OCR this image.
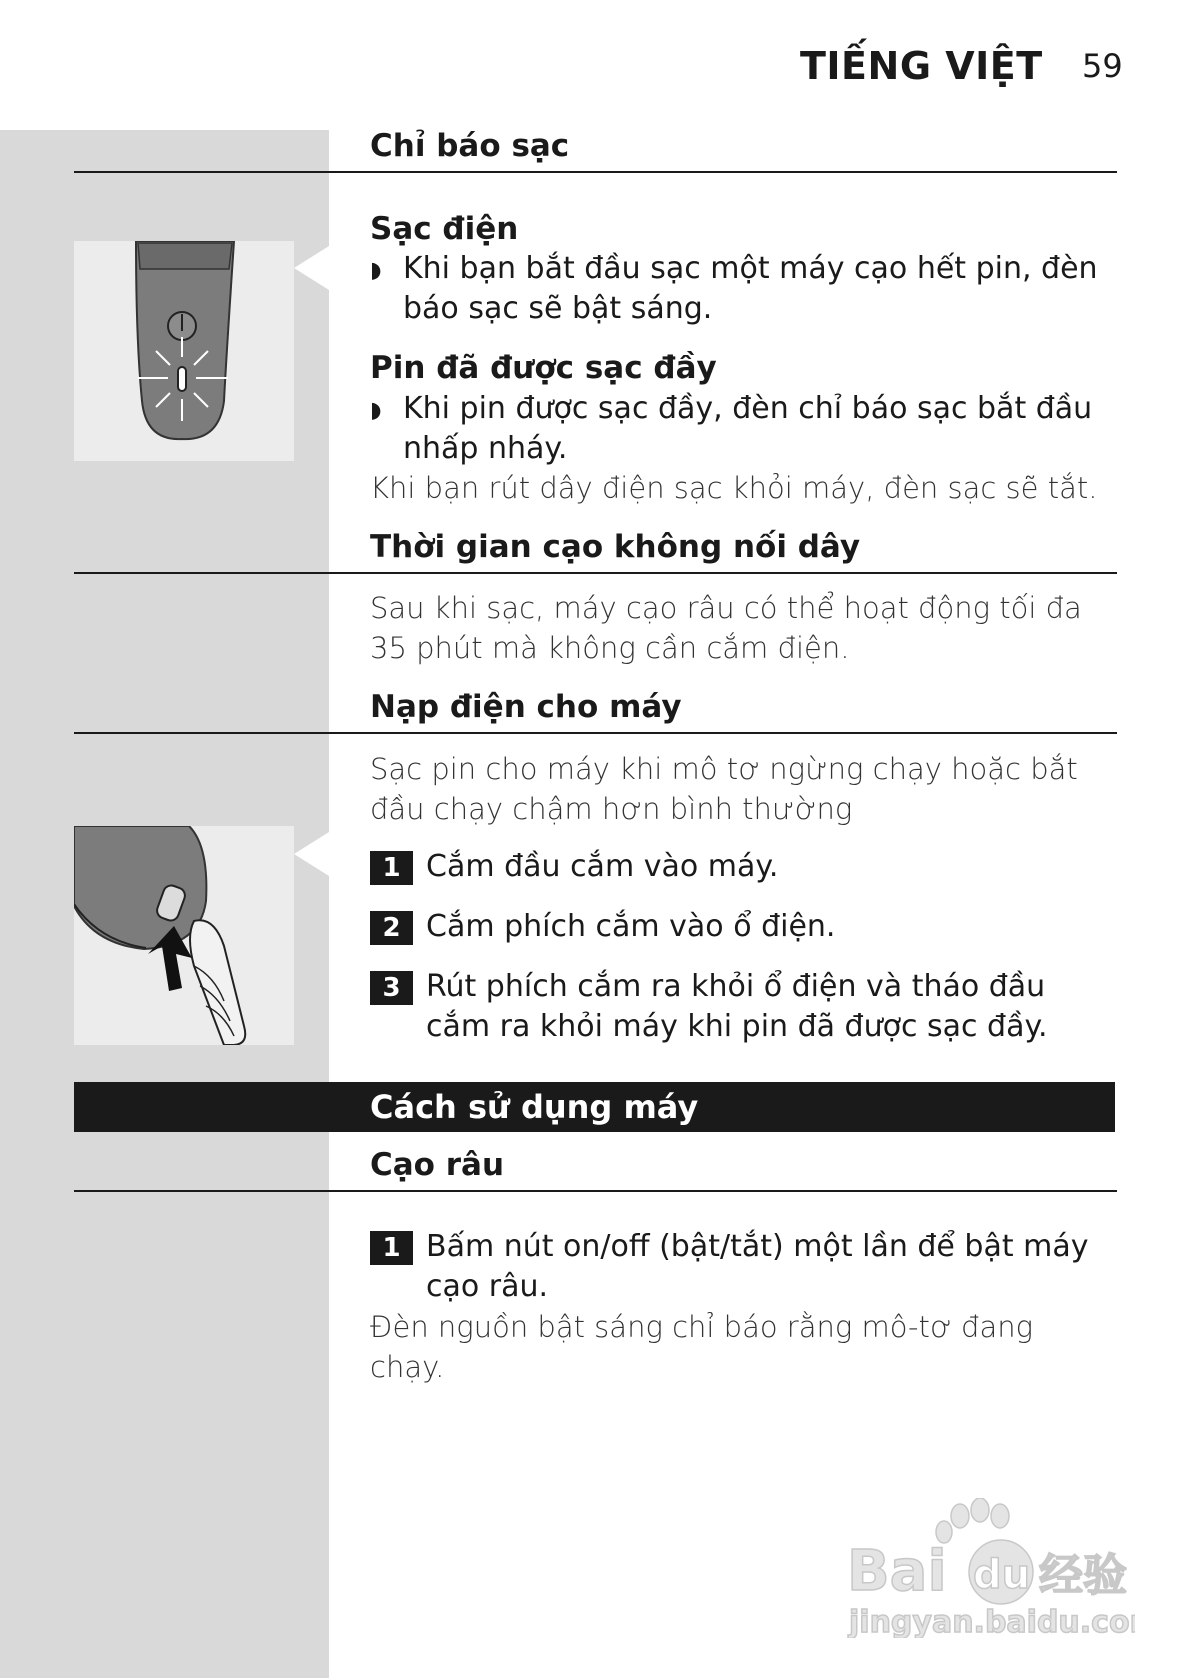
TIẾNG VIỆT 59
Chỉ báo sạc
Sạc điện
◗ Khi bạn bắt đầu sạc một máy cạo hết pin, đèn báo sạc sẽ bật sáng.
Pin đã được sạc đầy
◗ Khi pin được sạc đầy, đèn chỉ báo sạc bắt đầu nhấp nháy.
Khi bạn rút dây điện sạc khỏi máy, đèn sạc sẽ tắt.
Thời gian cạo không nối dây
Sau khi sạc, máy cạo râu có thể hoạt động tối đa 35 phút mà không cần cắm điện.
Nạp điện cho máy
Sạc pin cho máy khi mô tơ ngừng chạy hoặc bắt đầu chạy chậm hơn bình thường
1 Cắm đầu cắm vào máy.
2 Cắm phích cắm vào ổ điện.
3 Rút phích cắm ra khỏi ổ điện và tháo đầu cắm ra khỏi máy khi pin đã được sạc đầy.
Cách sử dụng máy
Cạo râu
1 Bấm nút on/off (bật/tắt) một lần để bật máy cạo râu.
Đèn nguồn bật sáng chỉ báo rằng mô-tơ đang chạy.
Bai du 经验
jingyan.baidu.com
